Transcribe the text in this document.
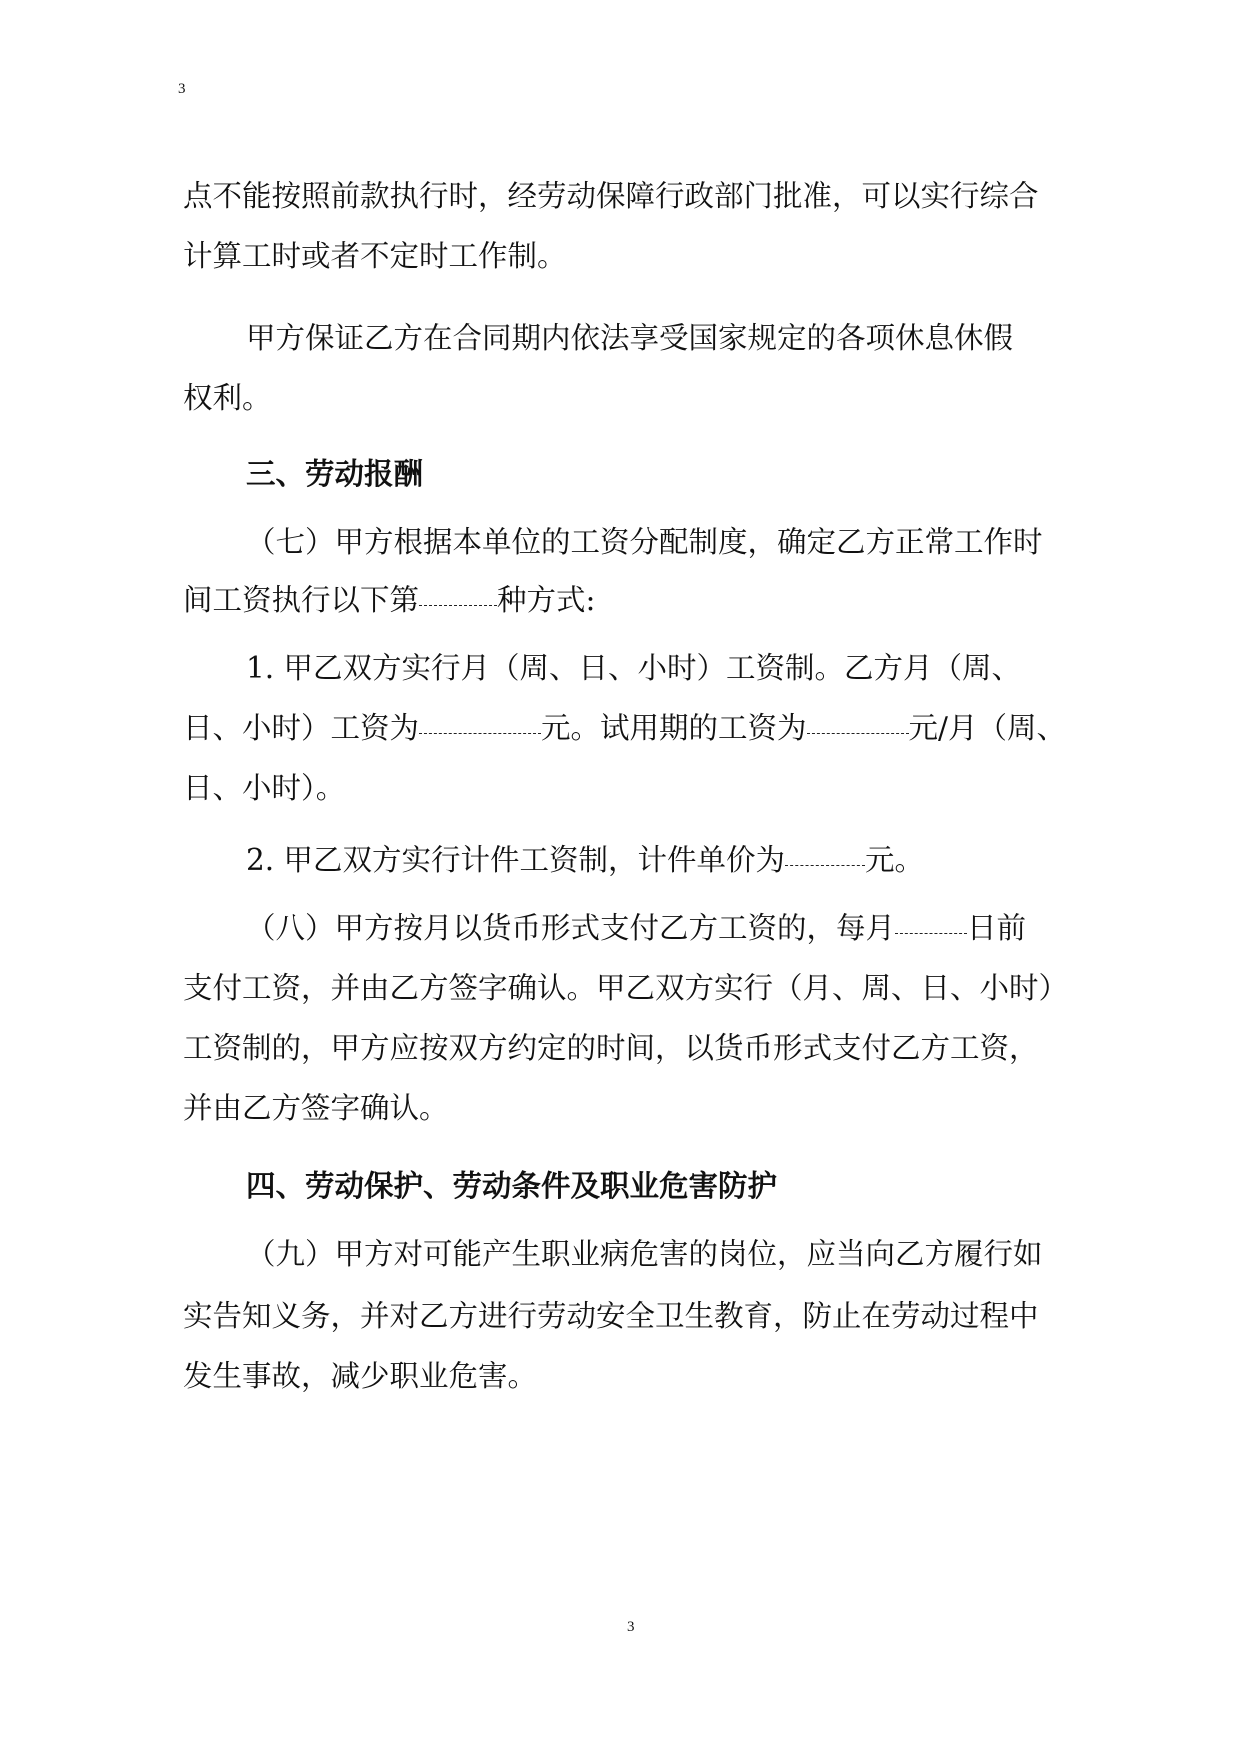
3

点不能按照前款执行时，经劳动保障行政部门批准，可以实行综合

计算工时或者不定时工作制。

甲方保证乙方在合同期内依法享受国家规定的各项休息休假

权利。

三、劳动报酬

（七）甲方根据本单位的工资分配制度，确定乙方正常工作时

间工资执行以下第	种方式:

1. 甲乙双方实行月（周、日、小时）工资制。乙方月（周、

日、小时）工资为	元。试用期的工资为	元/月（周、

日、小时）。

2. 甲乙双方实行计件工资制，计件单价为	元。

（八）甲方按月以货币形式支付乙方工资的，每月 日前

支付工资，并由乙方签字确认。甲乙双方实行（月、周、日、小时）

工资制的，甲方应按双方约定的时间，以货币形式支付乙方工资，

并由乙方签字确认。

四、劳动保护、劳动条件及职业危害防护

（九）甲方对可能产生职业病危害的岗位，应当向乙方履行如

实告知义务，并对乙方进行劳动安全卫生教育，防止在劳动过程中

发生事故，减少职业危害。

3
